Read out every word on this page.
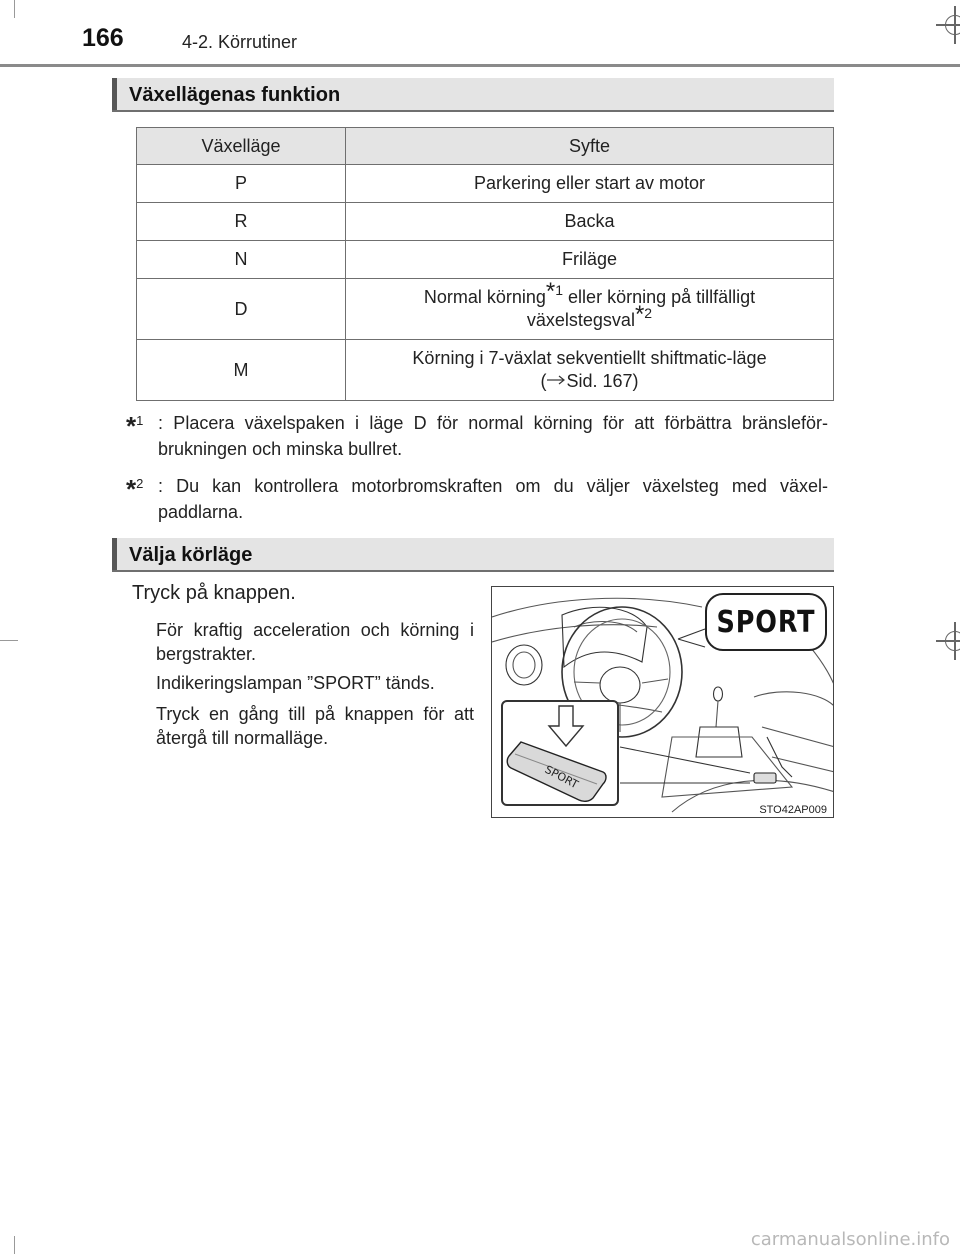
166	4-2. Körrutiner
Växellägenas funktion
Växelläge	Syfte
P	Parkering eller start av motor
R	Backa
N	Friläge
D	Normal körning$^{*1}$ eller körning på tillfälligt
växelstegsval$^{*2}$
M	Körning i 7-växlat sekventiellt shiftmatic-läge
( Sid. 167)
*$^1$ : Placera växelspaken i läge D för normal körning för att förbättra bränsleför- brukningen och minska bullret.
*$^2$ : Du kan kontrollera motorbromskraften om du väljer växelsteg med växel- paddlarna.
Välja körläge
Tryck på knappen.
För kraftig acceleration och körning i bergstrakter.
Indikeringslampan ”SPORT” tänds.
Tryck en gång till på knappen för att återgå till normalläge.
SPORT
SPORT
STO42AP009
carmanualsonline.info
